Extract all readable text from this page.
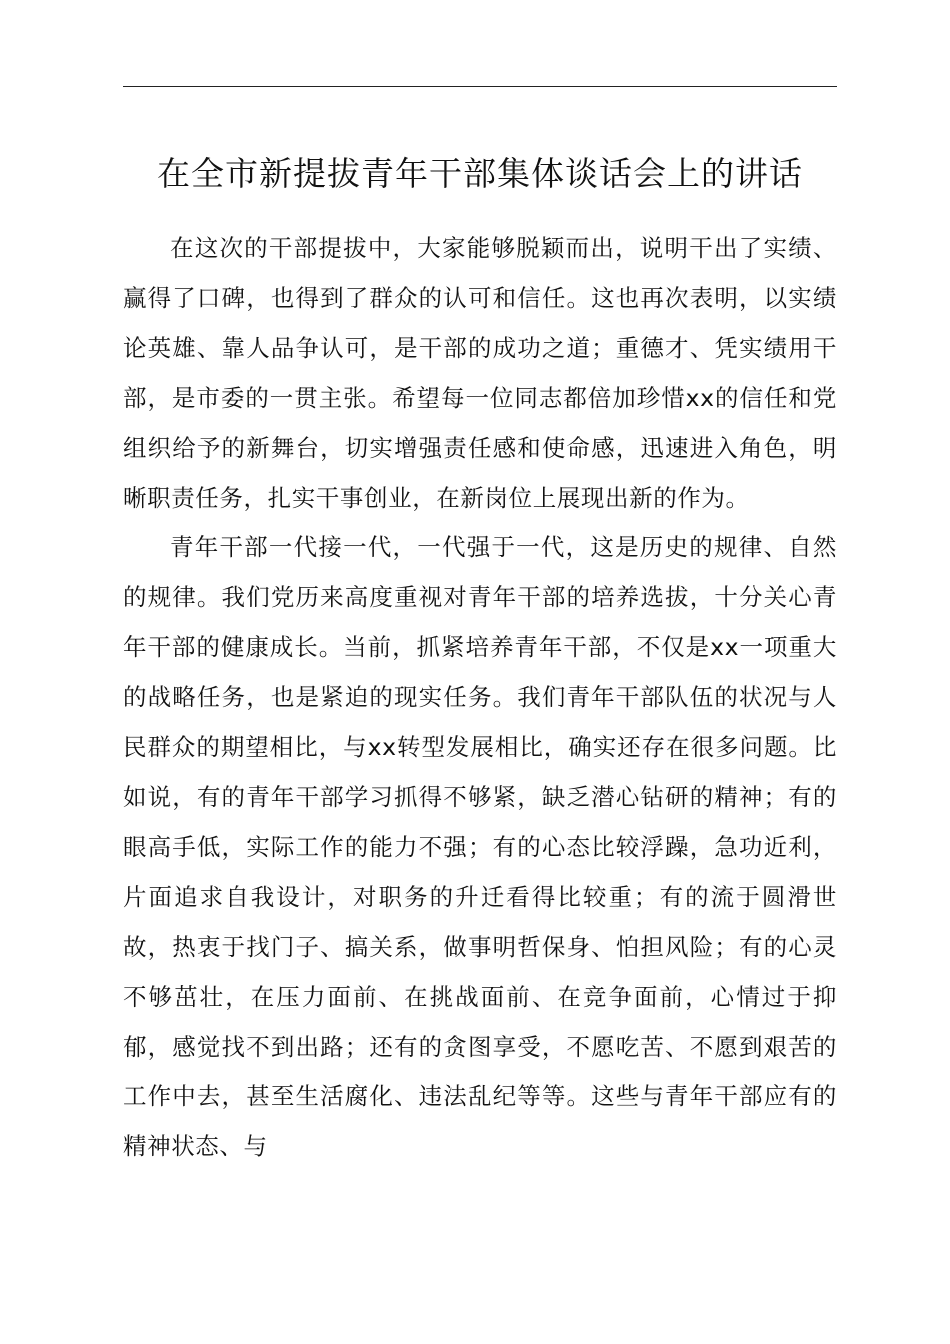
在全市新提拔青年干部集体谈话会上的讲话

在这次的干部提拔中，大家能够脱颖而出，说明干出了实绩、赢得了口碑，也得到了群众的认可和信任。这也再次表明，以实绩论英雄、靠人品争认可，是干部的成功之道；重德才、凭实绩用干部，是市委的一贯主张。希望每一位同志都倍加珍惜xx的信任和党组织给予的新舞台，切实增强责任感和使命感，迅速进入角色，明晰职责任务，扎实干事创业，在新岗位上展现出新的作为。

青年干部一代接一代，一代强于一代，这是历史的规律、自然的规律。我们党历来高度重视对青年干部的培养选拔，十分关心青年干部的健康成长。当前，抓紧培养青年干部，不仅是xx一项重大的战略任务，也是紧迫的现实任务。我们青年干部队伍的状况与人民群众的期望相比，与xx转型发展相比，确实还存在很多问题。比如说，有的青年干部学习抓得不够紧，缺乏潜心钻研的精神；有的眼高手低，实际工作的能力不强；有的心态比较浮躁，急功近利，片面追求自我设计，对职务的升迁看得比较重；有的流于圆滑世故，热衷于找门子、搞关系，做事明哲保身、怕担风险；有的心灵不够茁壮，在压力面前、在挑战面前、在竞争面前，心情过于抑郁，感觉找不到出路；还有的贪图享受，不愿吃苦、不愿到艰苦的工作中去，甚至生活腐化、违法乱纪等等。这些与青年干部应有的精神状态、与
